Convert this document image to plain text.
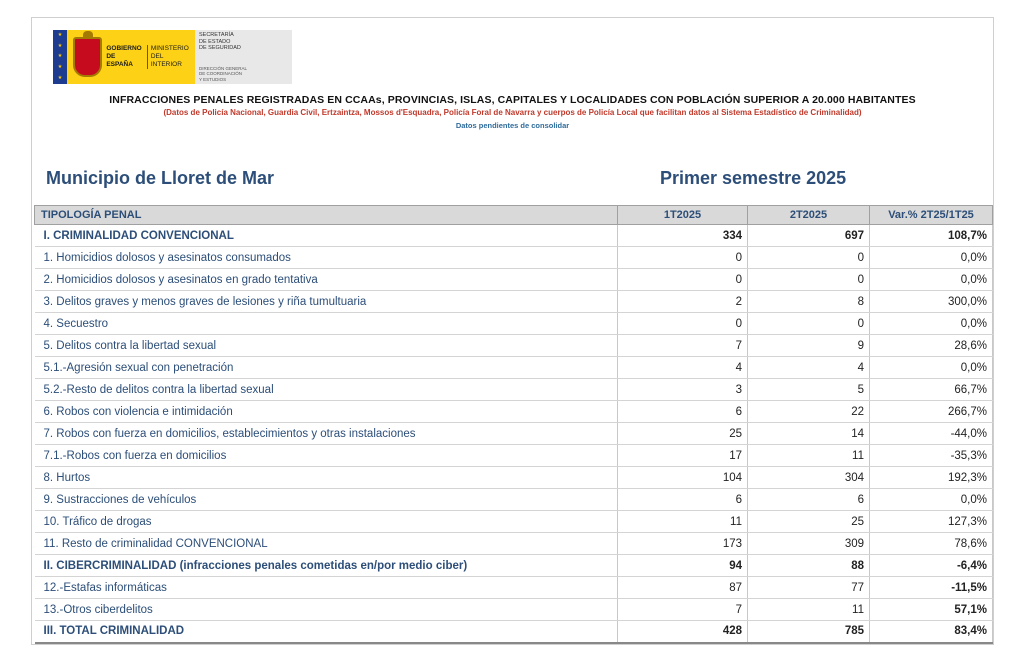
★
★
★
★
★
GOBIERNO
DE ESPAÑA
MINISTERIO
DEL INTERIOR
SECRETARÍA
DE ESTADO
DE SEGURIDAD
DIRECCIÓN GENERAL
DE COORDINACIÓN
Y ESTUDIOS
INFRACCIONES PENALES REGISTRADAS EN CCAAs, PROVINCIAS, ISLAS, CAPITALES Y LOCALIDADES CON POBLACIÓN SUPERIOR A 20.000 HABITANTES
(Datos de Policía Nacional, Guardia Civil, Ertzaintza, Mossos d'Esquadra, Policía Foral de Navarra y cuerpos de Policía Local que facilitan datos al Sistema Estadístico de Criminalidad)
Datos pendientes de consolidar
Municipio de Lloret de Mar	Primer semestre 2025
TIPOLOGÍA PENAL	1T2025	2T2025	Var.% 2T25/1T25
I. CRIMINALIDAD CONVENCIONAL	334	697	108,7%
1. Homicidios dolosos y asesinatos consumados	0	0	0,0%
2. Homicidios dolosos y asesinatos en grado tentativa	0	0	0,0%
3. Delitos graves y menos graves de lesiones y riña tumultuaria	2	8	300,0%
4. Secuestro	0	0	0,0%
5. Delitos contra la libertad sexual	7	9	28,6%
5.1.-Agresión sexual con penetración	4	4	0,0%
5.2.-Resto de delitos contra la libertad sexual	3	5	66,7%
6. Robos con violencia e intimidación	6	22	266,7%
7. Robos con fuerza en domicilios, establecimientos y otras instalaciones	25	14	-44,0%
7.1.-Robos con fuerza en domicilios	17	11	-35,3%
8. Hurtos	104	304	192,3%
9. Sustracciones de vehículos	6	6	0,0%
10. Tráfico de drogas	11	25	127,3%
11. Resto de criminalidad CONVENCIONAL	173	309	78,6%
II. CIBERCRIMINALIDAD (infracciones penales cometidas en/por medio ciber)	94	88	-6,4%
12.-Estafas informáticas	87	77	-11,5%
13.-Otros ciberdelitos	7	11	57,1%
III. TOTAL CRIMINALIDAD	428	785	83,4%
